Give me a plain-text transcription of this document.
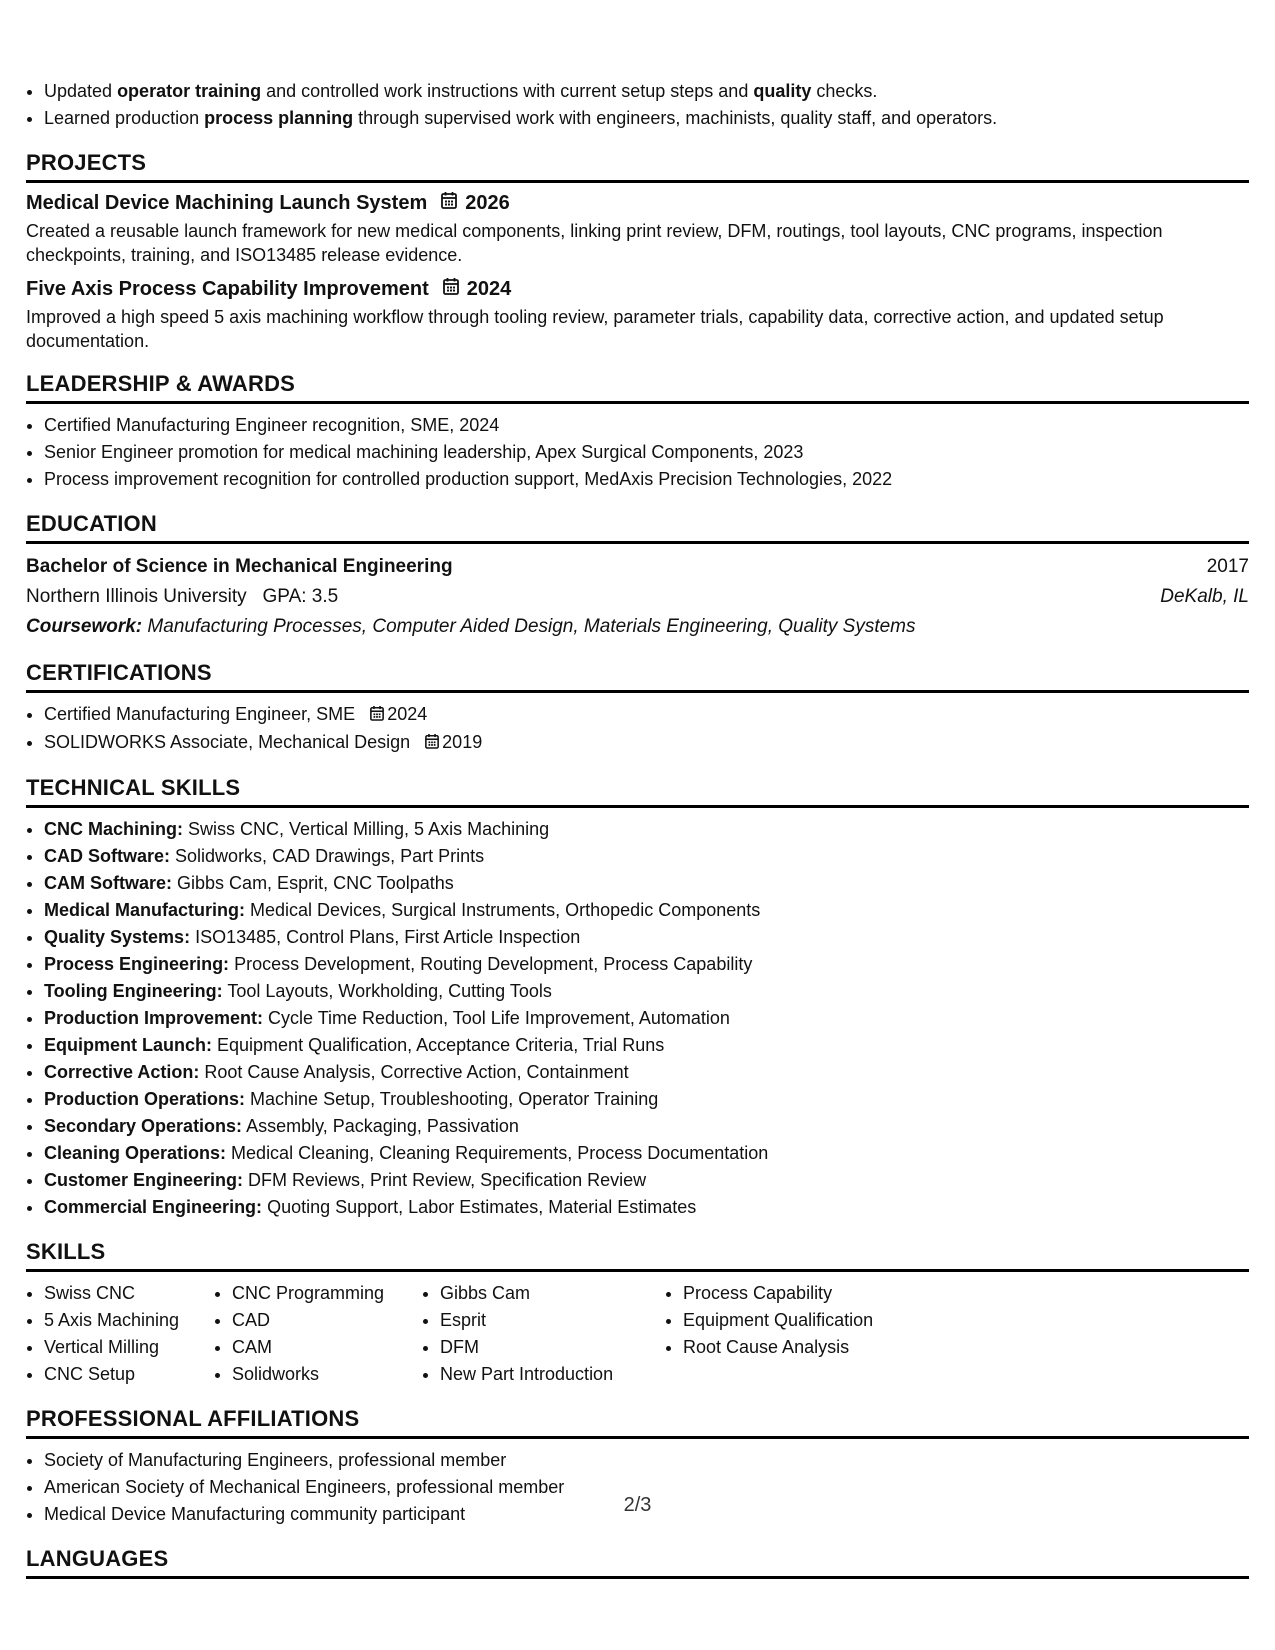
• Updated operator training and controlled work instructions with current setup steps and quality checks.
• Learned production process planning through supervised work with engineers, machinists, quality staff, and operators.
PROJECTS
Medical Device Machining Launch System 2026
Created a reusable launch framework for new medical components, linking print review, DFM, routings, tool layouts, CNC programs, inspection checkpoints, training, and ISO13485 release evidence.
Five Axis Process Capability Improvement 2024
Improved a high speed 5 axis machining workflow through tooling review, parameter trials, capability data, corrective action, and updated setup documentation.
LEADERSHIP & AWARDS
• Certified Manufacturing Engineer recognition, SME, 2024
• Senior Engineer promotion for medical machining leadership, Apex Surgical Components, 2023
• Process improvement recognition for controlled production support, MedAxis Precision Technologies, 2022
EDUCATION
Bachelor of Science in Mechanical Engineering	2017
Northern Illinois University GPA: 3.5	DeKalb, IL
Coursework: Manufacturing Processes, Computer Aided Design, Materials Engineering, Quality Systems
CERTIFICATIONS
• Certified Manufacturing Engineer, SME 2024
• SOLIDWORKS Associate, Mechanical Design 2019
TECHNICAL SKILLS
• CNC Machining: Swiss CNC, Vertical Milling, 5 Axis Machining
• CAD Software: Solidworks, CAD Drawings, Part Prints
• CAM Software: Gibbs Cam, Esprit, CNC Toolpaths
• Medical Manufacturing: Medical Devices, Surgical Instruments, Orthopedic Components
• Quality Systems: ISO13485, Control Plans, First Article Inspection
• Process Engineering: Process Development, Routing Development, Process Capability
• Tooling Engineering: Tool Layouts, Workholding, Cutting Tools
• Production Improvement: Cycle Time Reduction, Tool Life Improvement, Automation
• Equipment Launch: Equipment Qualification, Acceptance Criteria, Trial Runs
• Corrective Action: Root Cause Analysis, Corrective Action, Containment
• Production Operations: Machine Setup, Troubleshooting, Operator Training
• Secondary Operations: Assembly, Packaging, Passivation
• Cleaning Operations: Medical Cleaning, Cleaning Requirements, Process Documentation
• Customer Engineering: DFM Reviews, Print Review, Specification Review
• Commercial Engineering: Quoting Support, Labor Estimates, Material Estimates
SKILLS
• Swiss CNC
• 5 Axis Machining
• Vertical Milling
• CNC Setup
• CNC Programming
• CAD
• CAM
• Solidworks
• Gibbs Cam
• Esprit
• DFM
• New Part Introduction
• Process Capability
• Equipment Qualification
• Root Cause Analysis
PROFESSIONAL AFFILIATIONS
• Society of Manufacturing Engineers, professional member
• American Society of Mechanical Engineers, professional member
• Medical Device Manufacturing community participant
LANGUAGES
2/3
